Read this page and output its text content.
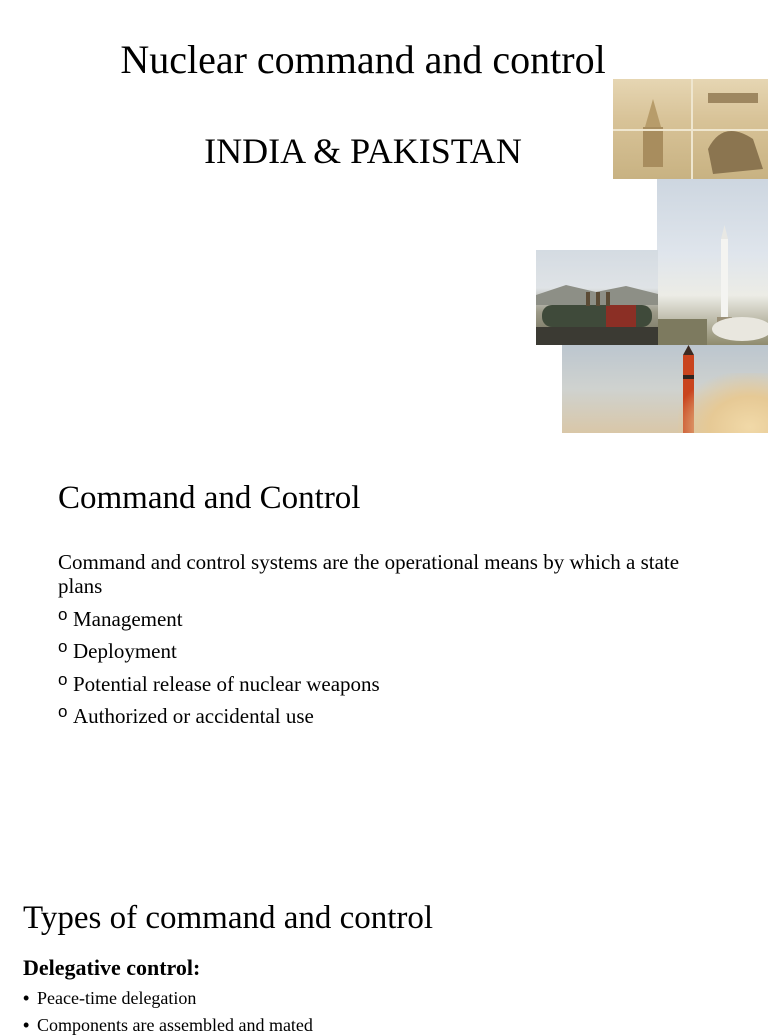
Nuclear command and control
INDIA & PAKISTAN
Command and Control
Command and control systems are the operational means by which a state plans
o Management
o Deployment
o Potential release of nuclear weapons
o Authorized or accidental use
Types of command and control
Delegative control:
• Peace-time delegation
• Components are assembled and mated
